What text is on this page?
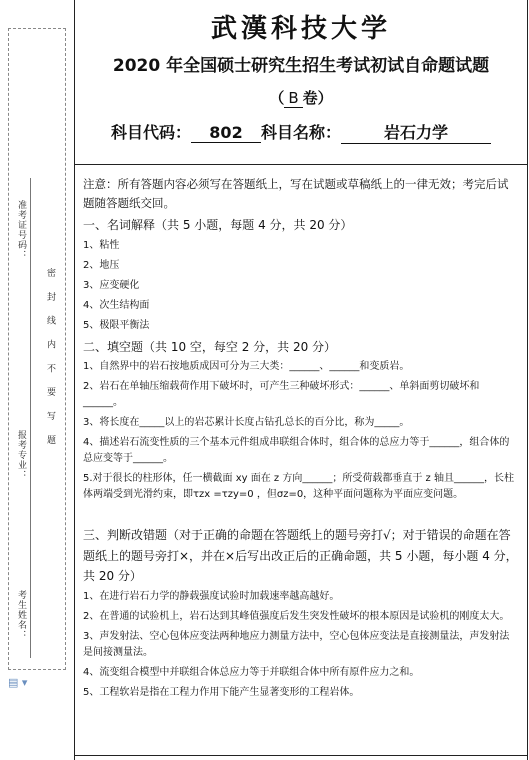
准考证号码：
报考专业：
考生姓名：
密 封 线 内 不 要 写 题
▤ ▾
武漢科技大学
2020 年全国硕士研究生招生考试初试自命题试题
（ B 卷）
科目代码： 802 科目名称：	岩石力学
注意：所有答题内容必须写在答题纸上，写在试题或草稿纸上的一律无效；考完后试题随答题纸交回。
一、名词解释（共 5 小题，每题 4 分，共 20 分）
1、粘性
2、地压
3、应变硬化
4、次生结构面
5、极限平衡法
二、填空题（共 10 空，每空 2 分，共 20 分）
1、自然界中的岩石按地质成因可分为三大类：______、______和变质岩。
2、岩石在单轴压缩载荷作用下破坏时，可产生三种破坏形式：______、单斜面剪切破坏和______。
3、将长度在_____以上的岩芯累计长度占钻孔总长的百分比，称为_____。
4、描述岩石流变性质的三个基本元件组成串联组合体时，组合体的总应力等于______，组合体的总应变等于______。
5.对于很长的柱形体，任一横截面 xy 面在 z 方向______；所受荷载都垂直于 z 轴且______，长柱体两端受到光滑约束，即τzx =τzy=0 ，但σz=0，这种平面问题称为平面应变问题。
三、判断改错题（对于正确的命题在答题纸上的题号旁打√；对于错误的命题在答题纸上的题号旁打×，并在×后写出改正后的正确命题，共 5 小题，每小题 4 分，共 20 分）
1、在进行岩石力学的静载强度试验时加载速率越高越好。
2、在普通的试验机上，岩石达到其峰值强度后发生突发性破坏的根本原因是试验机的刚度太大。
3、声发射法、空心包体应变法两种地应力测量方法中，空心包体应变法是直接测量法，声发射法是间接测量法。
4、流变组合模型中并联组合体总应力等于并联组合体中所有原件应力之和。
5、工程软岩是指在工程力作用下能产生显著变形的工程岩体。
